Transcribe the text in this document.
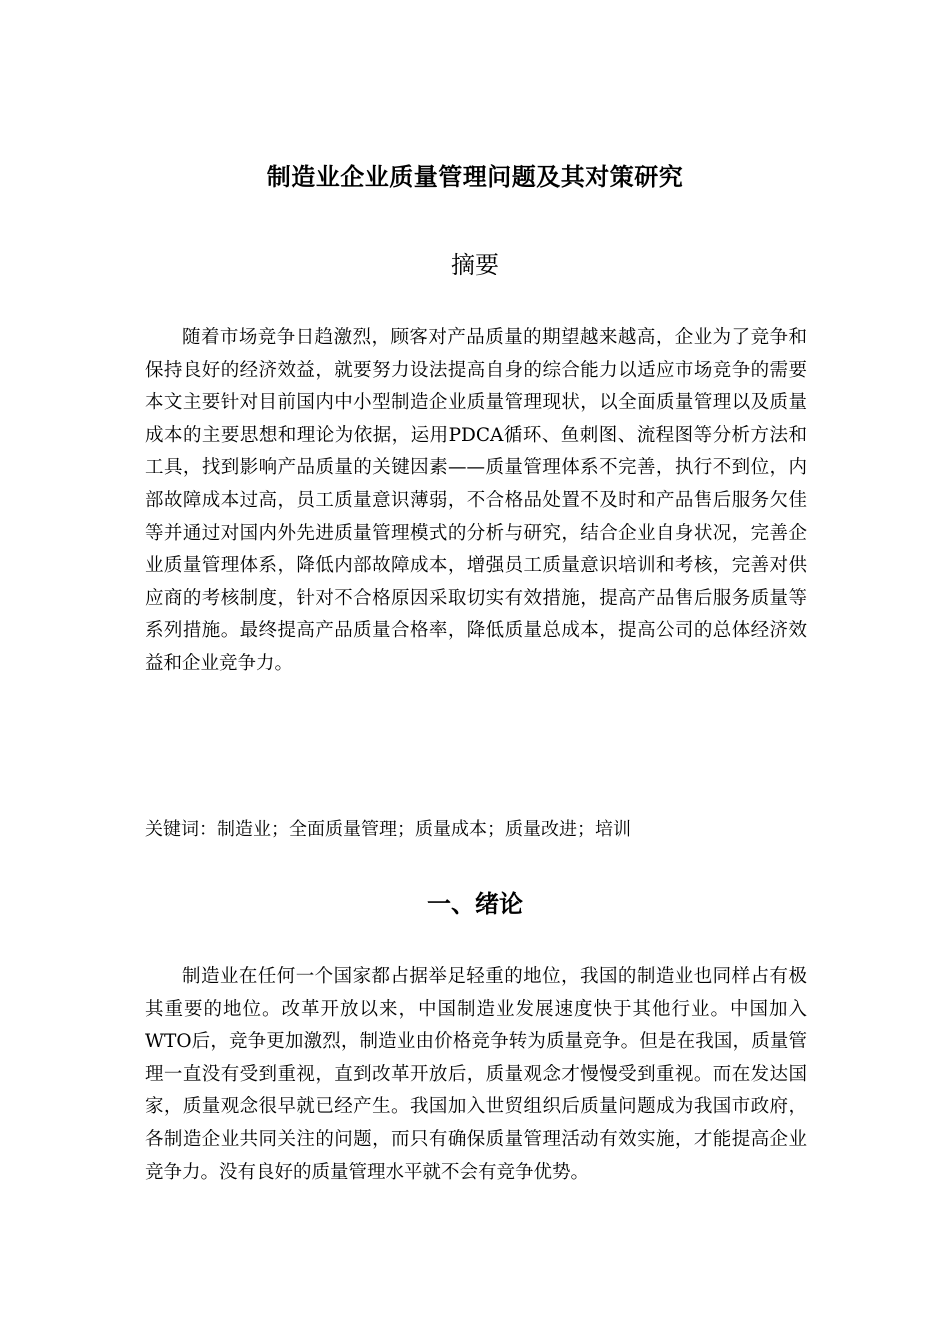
制造业企业质量管理问题及其对策研究
摘要

随着市场竞争日趋激烈，顾客对产品质量的期望越来越高，企业为了竞争和保持良好的经济效益，就要努力设法提高自身的综合能力以适应市场竞争的需要本文主要针对目前国内中小型制造企业质量管理现状，以全面质量管理以及质量成本的主要思想和理论为依据，运用PDCA循环、鱼刺图、流程图等分析方法和工具，找到影响产品质量的关键因素——质量管理体系不完善，执行不到位，内部故障成本过高，员工质量意识薄弱，不合格品处置不及时和产品售后服务欠佳等并通过对国内外先进质量管理模式的分析与研究，结合企业自身状况，完善企业质量管理体系，降低内部故障成本，增强员工质量意识培训和考核，完善对供应商的考核制度，针对不合格原因采取切实有效措施，提高产品售后服务质量等系列措施。最终提高产品质量合格率，降低质量总成本，提高公司的总体经济效益和企业竞争力。

关键词：制造业；全面质量管理；质量成本；质量改进；培训

一、绪论

制造业在任何一个国家都占据举足轻重的地位，我国的制造业也同样占有极其重要的地位。改革开放以来，中国制造业发展速度快于其他行业。中国加入WTO后，竞争更加激烈，制造业由价格竞争转为质量竞争。但是在我国，质量管理一直没有受到重视，直到改革开放后，质量观念才慢慢受到重视。而在发达国家，质量观念很早就已经产生。我国加入世贸组织后质量问题成为我国市政府，各制造企业共同关注的问题，而只有确保质量管理活动有效实施，才能提高企业竞争力。没有良好的质量管理水平就不会有竞争优势。
